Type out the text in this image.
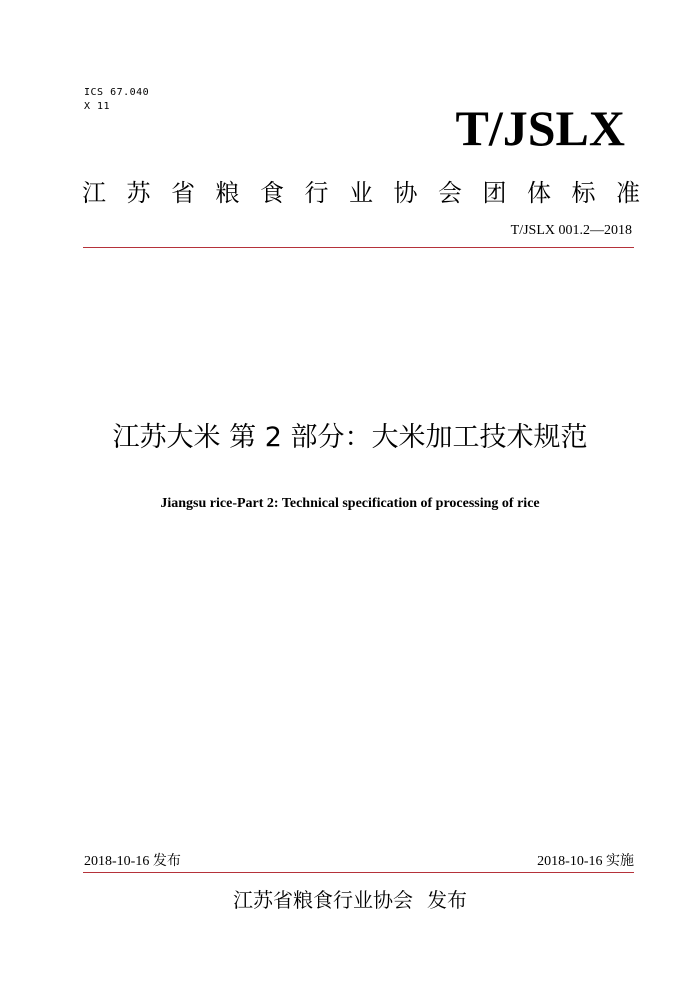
ICS 67.040
X 11	T/JSLX
江苏省粮食行业协会团体标准
T/JSLX 001.2—2018
江苏大米 第 2 部分：大米加工技术规范
Jiangsu rice-Part 2: Technical specification of processing of rice
2018-10-16 发布	2018-10-16 实施
江苏省粮食行业协会 发布
